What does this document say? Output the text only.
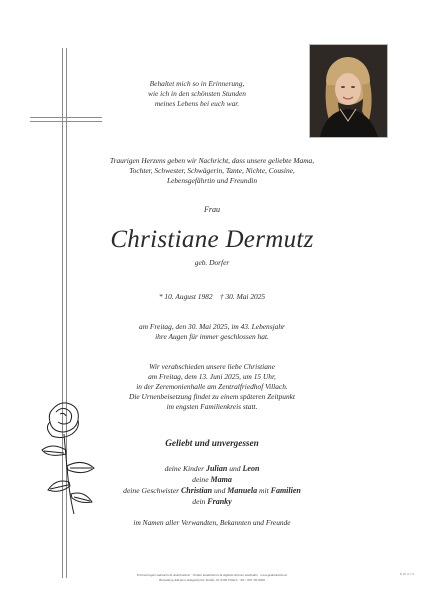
Behaltet mich so in Erinnerung,
wie ich in den schönsten Stunden
meines Lebens bei euch war.
Traurigen Herzens geben wir Nachricht, dass unsere geliebte Mama,
Tochter, Schwester, Schwägerin, Tante, Nichte, Cousine,
Lebensgefährtin und Freundin
Frau
Christiane Dermutz
geb. Dorfer
* 10. August 1982    † 30. Mai 2025
am Freitag, den 30. Mai 2025, im 43. Lebensjahr
ihre Augen für immer geschlossen hat.
Wir verabschieden unsere liebe Christiane
am Freitag, dem 13. Juni 2025, um 15 Uhr,
in der Zeremonienhalle am Zentralfriedhof Villach.
Die Urnenbeisetzung findet zu einem späteren Zeitpunkt
im engsten Familienkreis statt.
Geliebt und unvergessen
deine Kinder Julian und Leon
deine Mama
deine Geschwister Christian und Manuela mit Familien
dein Franky
im Namen aller Verwandten, Bekannten und Freunde
Erinnerungen sammeln & Anteilnahme · Online kondolieren & digitale Kerzen anzünden · www.gedenkseite.at
Bestattung Kärnten, Klagenfurter Straße 10, 9500 Villach · Tel.: 050 /99 9999
B-20 HT-N
